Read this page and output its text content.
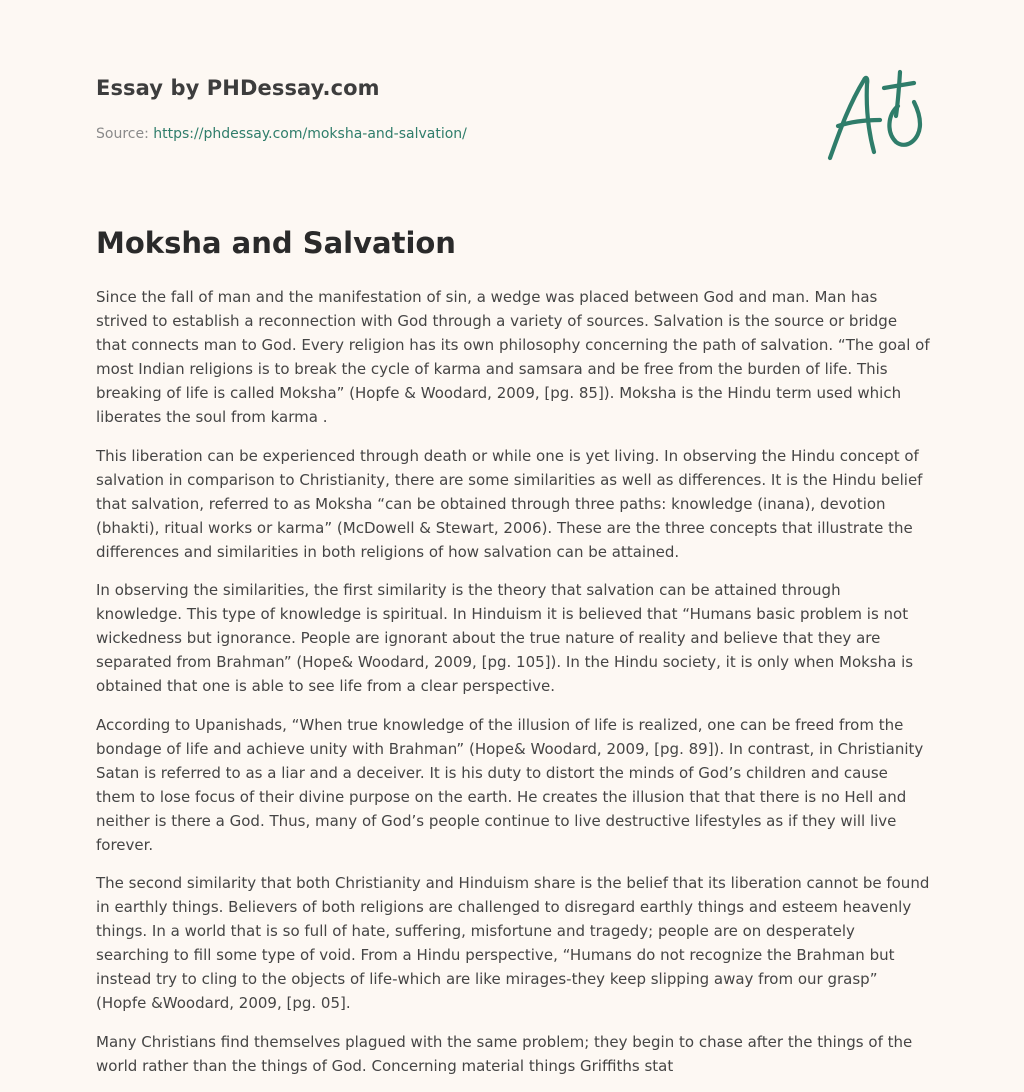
Essay by PHDessay.com
Source: https://phdessay.com/moksha-and-salvation/
Moksha and Salvation

Since the fall of man and the manifestation of sin, a wedge was placed between God and man. Man has strived to establish a reconnection with God through a variety of sources. Salvation is the source or bridge that connects man to God. Every religion has its own philosophy concerning the path of salvation. “The goal of most Indian religions is to break the cycle of karma and samsara and be free from the burden of life. This breaking of life is called Moksha” (Hopfe & Woodard, 2009, [pg. 85]). Moksha is the Hindu term used which liberates the soul from karma .

This liberation can be experienced through death or while one is yet living. In observing the Hindu concept of salvation in comparison to Christianity, there are some similarities as well as differences. It is the Hindu belief that salvation, referred to as Moksha “can be obtained through three paths: knowledge (inana), devotion (bhakti), ritual works or karma” (McDowell & Stewart, 2006). These are the three concepts that illustrate the differences and similarities in both religions of how salvation can be attained.

In observing the similarities, the first similarity is the theory that salvation can be attained through knowledge. This type of knowledge is spiritual. In Hinduism it is believed that “Humans basic problem is not wickedness but ignorance. People are ignorant about the true nature of reality and believe that they are separated from Brahman” (Hope& Woodard, 2009, [pg. 105]). In the Hindu society, it is only when Moksha is obtained that one is able to see life from a clear perspective.

According to Upanishads, “When true knowledge of the illusion of life is realized, one can be freed from the bondage of life and achieve unity with Brahman” (Hope& Woodard, 2009, [pg. 89]). In contrast, in Christianity Satan is referred to as a liar and a deceiver. It is his duty to distort the minds of God’s children and cause them to lose focus of their divine purpose on the earth. He creates the illusion that that there is no Hell and neither is there a God. Thus, many of God’s people continue to live destructive lifestyles as if they will live forever.

The second similarity that both Christianity and Hinduism share is the belief that its liberation cannot be found in earthly things. Believers of both religions are challenged to disregard earthly things and esteem heavenly things. In a world that is so full of hate, suffering, misfortune and tragedy; people are on desperately searching to fill some type of void. From a Hindu perspective, “Humans do not recognize the Brahman but instead try to cling to the objects of life-which are like mirages-they keep slipping away from our grasp” (Hopfe &Woodard, 2009, [pg. 05].

Many Christians find themselves plagued with the same problem; they begin to chase after the things of the world rather than the things of God. Concerning material things Griffiths stat
